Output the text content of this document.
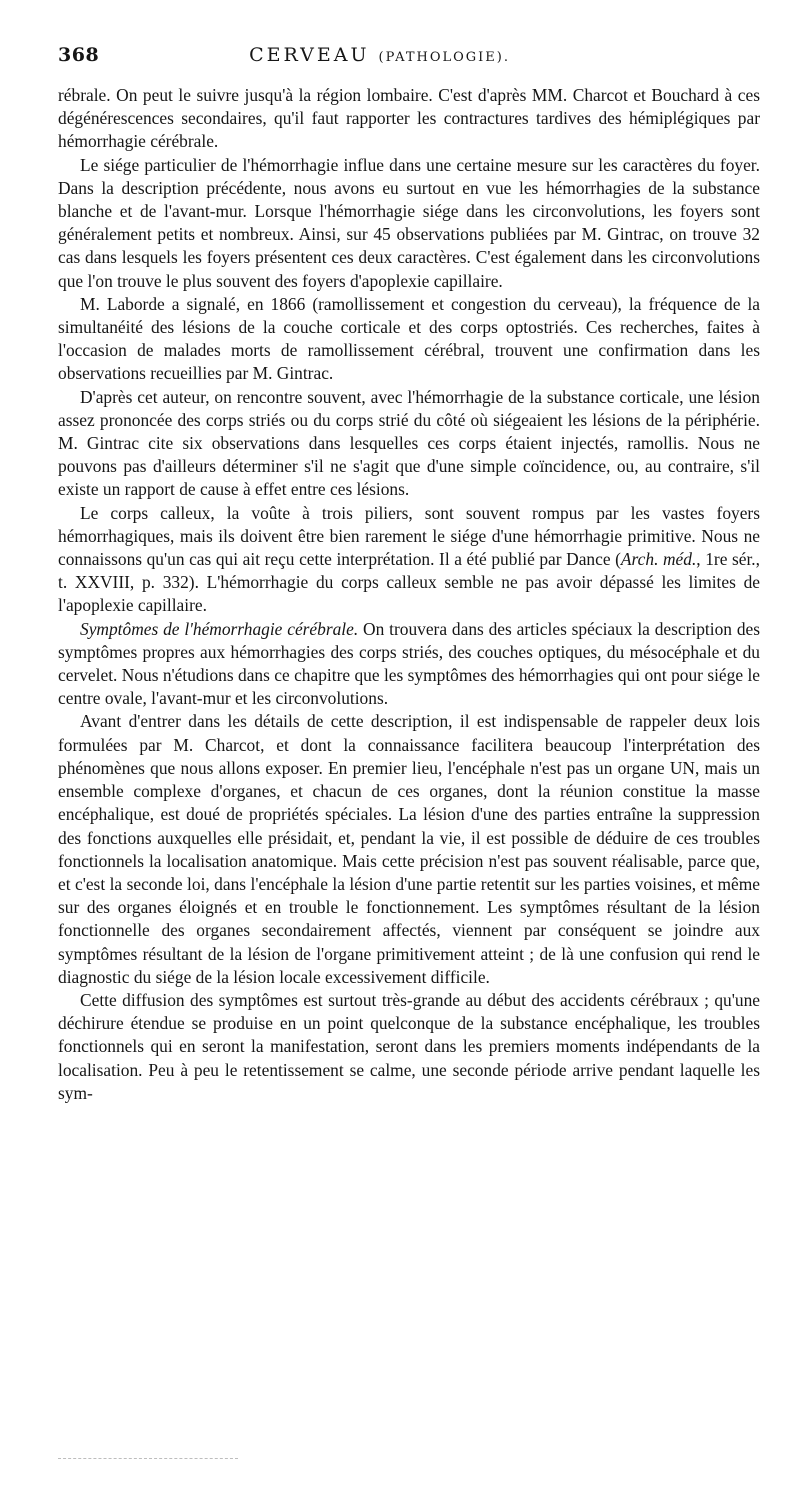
368	CERVEAU (PATHOLOGIE).

rébrale. On peut le suivre jusqu'à la région lombaire. C'est d'après MM. Charcot et Bouchard à ces dégénérescences secondaires, qu'il faut rapporter les contractures tardives des hémiplégiques par hémorrhagie cérébrale.

Le siége particulier de l'hémorrhagie influe dans une certaine mesure sur les caractères du foyer. Dans la description précédente, nous avons eu surtout en vue les hémorrhagies de la substance blanche et de l'avant-mur. Lorsque l'hémorrhagie siége dans les circonvolutions, les foyers sont généralement petits et nombreux. Ainsi, sur 45 observations publiées par M. Gintrac, on trouve 32 cas dans lesquels les foyers présentent ces deux caractères. C'est également dans les circonvolutions que l'on trouve le plus souvent des foyers d'apoplexie capillaire.

M. Laborde a signalé, en 1866 (ramollissement et congestion du cerveau), la fréquence de la simultanéité des lésions de la couche corticale et des corps optostriés. Ces recherches, faites à l'occasion de malades morts de ramollissement cérébral, trouvent une confirmation dans les observations recueillies par M. Gintrac.

D'après cet auteur, on rencontre souvent, avec l'hémorrhagie de la substance corticale, une lésion assez prononcée des corps striés ou du corps strié du côté où siégeaient les lésions de la périphérie. M. Gintrac cite six observations dans lesquelles ces corps étaient injectés, ramollis. Nous ne pouvons pas d'ailleurs déterminer s'il ne s'agit que d'une simple coïncidence, ou, au contraire, s'il existe un rapport de cause à effet entre ces lésions.

Le corps calleux, la voûte à trois piliers, sont souvent rompus par les vastes foyers hémorrhagiques, mais ils doivent être bien rarement le siége d'une hémorrhagie primitive. Nous ne connaissons qu'un cas qui ait reçu cette interprétation. Il a été publié par Dance (Arch. méd., 1re sér., t. XXVIII, p. 332). L'hémorrhagie du corps calleux semble ne pas avoir dépassé les limites de l'apoplexie capillaire.

Symptômes de l'hémorrhagie cérébrale. On trouvera dans des articles spéciaux la description des symptômes propres aux hémorrhagies des corps striés, des couches optiques, du mésocéphale et du cervelet. Nous n'étudions dans ce chapitre que les symptômes des hémorrhagies qui ont pour siége le centre ovale, l'avant-mur et les circonvolutions.

Avant d'entrer dans les détails de cette description, il est indispensable de rappeler deux lois formulées par M. Charcot, et dont la connaissance facilitera beaucoup l'interprétation des phénomènes que nous allons exposer. En premier lieu, l'encéphale n'est pas un organe UN, mais un ensemble complexe d'organes, et chacun de ces organes, dont la réunion constitue la masse encéphalique, est doué de propriétés spéciales. La lésion d'une des parties entraîne la suppression des fonctions auxquelles elle présidait, et, pendant la vie, il est possible de déduire de ces troubles fonctionnels la localisation anatomique. Mais cette précision n'est pas souvent réalisable, parce que, et c'est la seconde loi, dans l'encéphale la lésion d'une partie retentit sur les parties voisines, et même sur des organes éloignés et en trouble le fonctionnement. Les symptômes résultant de la lésion fonctionnelle des organes secondairement affectés, viennent par conséquent se joindre aux symptômes résultant de la lésion de l'organe primitivement atteint ; de là une confusion qui rend le diagnostic du siége de la lésion locale excessivement difficile.

Cette diffusion des symptômes est surtout très-grande au début des accidents cérébraux ; qu'une déchirure étendue se produise en un point quelconque de la substance encéphalique, les troubles fonctionnels qui en seront la manifestation, seront dans les premiers moments indépendants de la localisation. Peu à peu le retentissement se calme, une seconde période arrive pendant laquelle les sym-
